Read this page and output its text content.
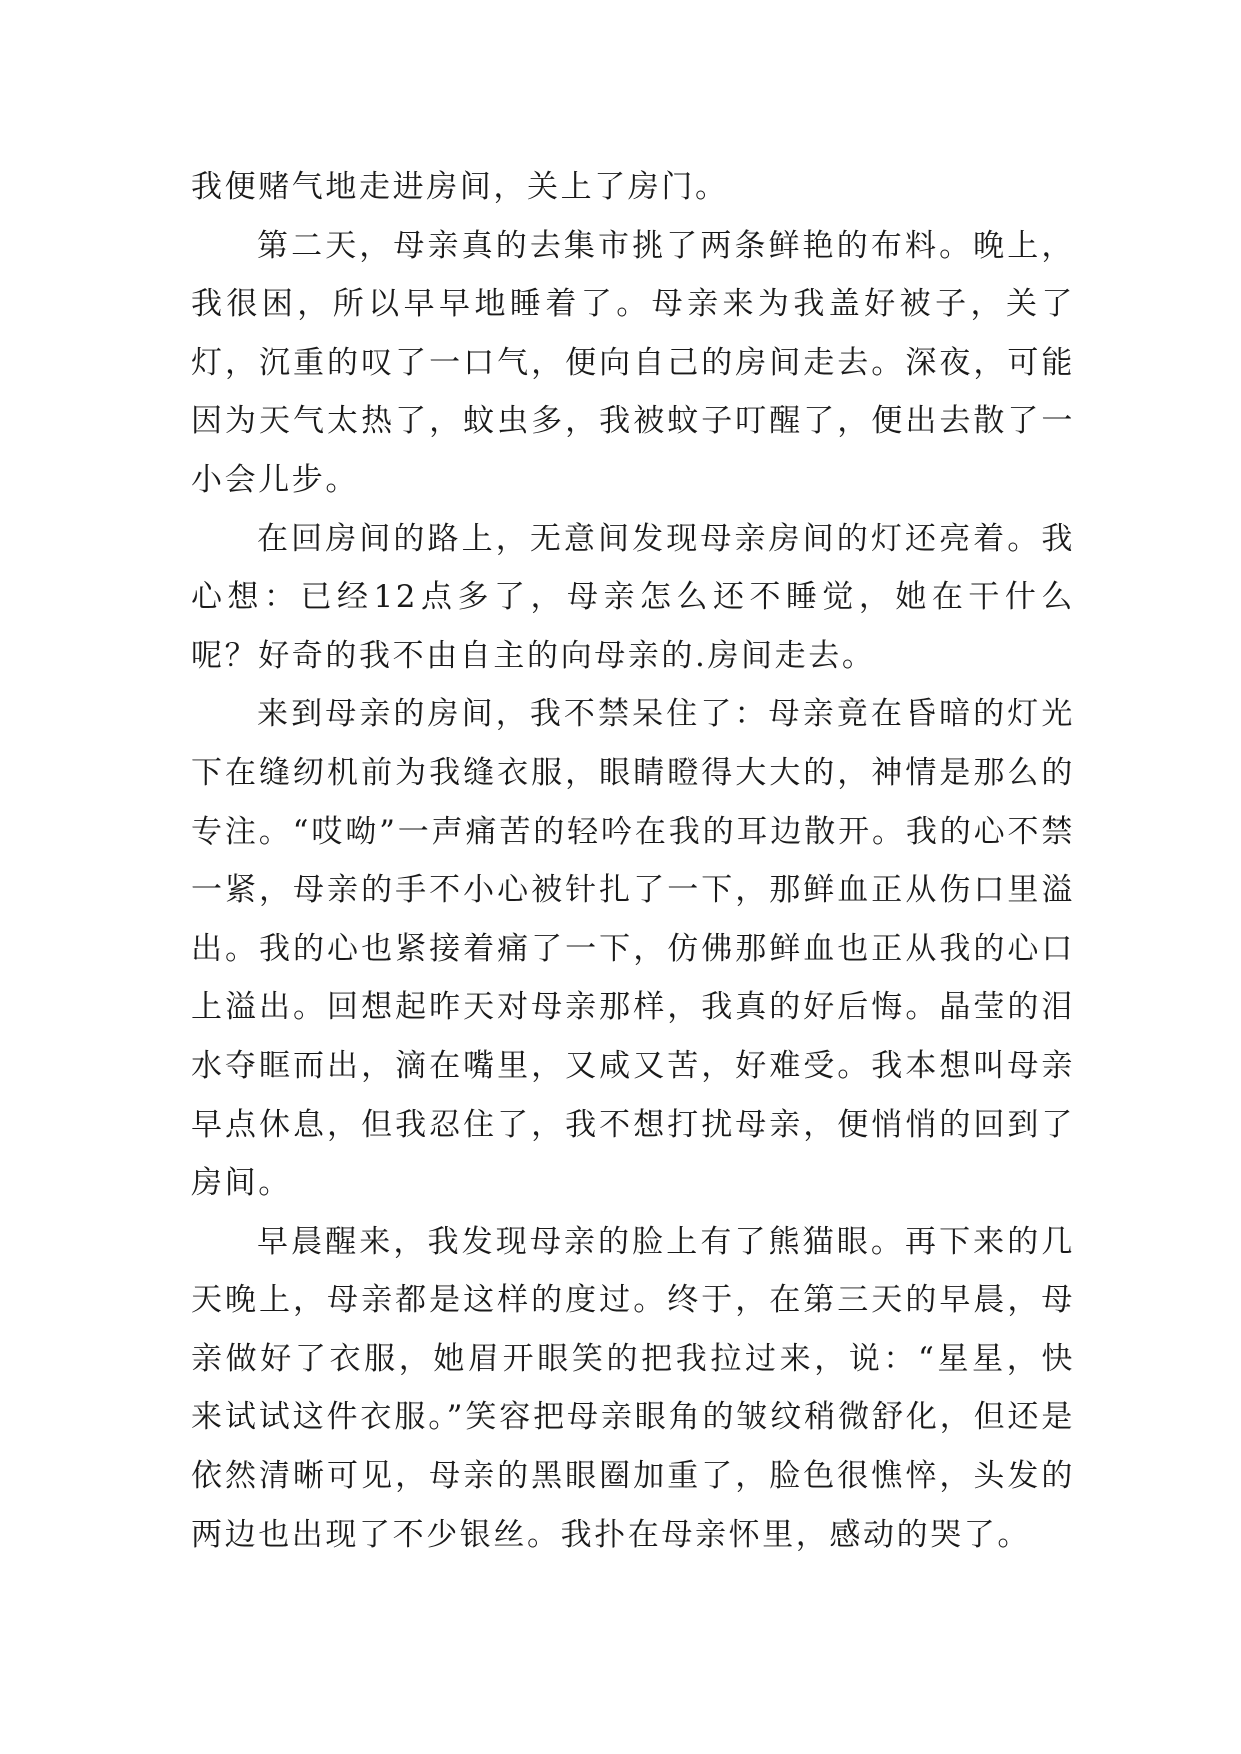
我便赌气地走进房间，关上了房门。

第二天，母亲真的去集市挑了两条鲜艳的布料。晚上，我很困，所以早早地睡着了。母亲来为我盖好被子，关了灯，沉重的叹了一口气，便向自己的房间走去。深夜，可能因为天气太热了，蚊虫多，我被蚊子叮醒了，便出去散了一小会儿步。

在回房间的路上，无意间发现母亲房间的灯还亮着。我心想：已经12点多了，母亲怎么还不睡觉，她在干什么呢？好奇的我不由自主的向母亲的.房间走去。

来到母亲的房间，我不禁呆住了：母亲竟在昏暗的灯光下在缝纫机前为我缝衣服，眼睛瞪得大大的，神情是那么的专注。“哎呦”一声痛苦的轻吟在我的耳边散开。我的心不禁一紧，母亲的手不小心被针扎了一下，那鲜血正从伤口里溢出。我的心也紧接着痛了一下，仿佛那鲜血也正从我的心口上溢出。回想起昨天对母亲那样，我真的好后悔。晶莹的泪水夺眶而出，滴在嘴里，又咸又苦，好难受。我本想叫母亲早点休息，但我忍住了，我不想打扰母亲，便悄悄的回到了房间。

早晨醒来，我发现母亲的脸上有了熊猫眼。再下来的几天晚上，母亲都是这样的度过。终于，在第三天的早晨，母亲做好了衣服，她眉开眼笑的把我拉过来，说：“星星，快来试试这件衣服。”笑容把母亲眼角的皱纹稍微舒化，但还是依然清晰可见，母亲的黑眼圈加重了，脸色很憔悴，头发的两边也出现了不少银丝。我扑在母亲怀里，感动的哭了。
